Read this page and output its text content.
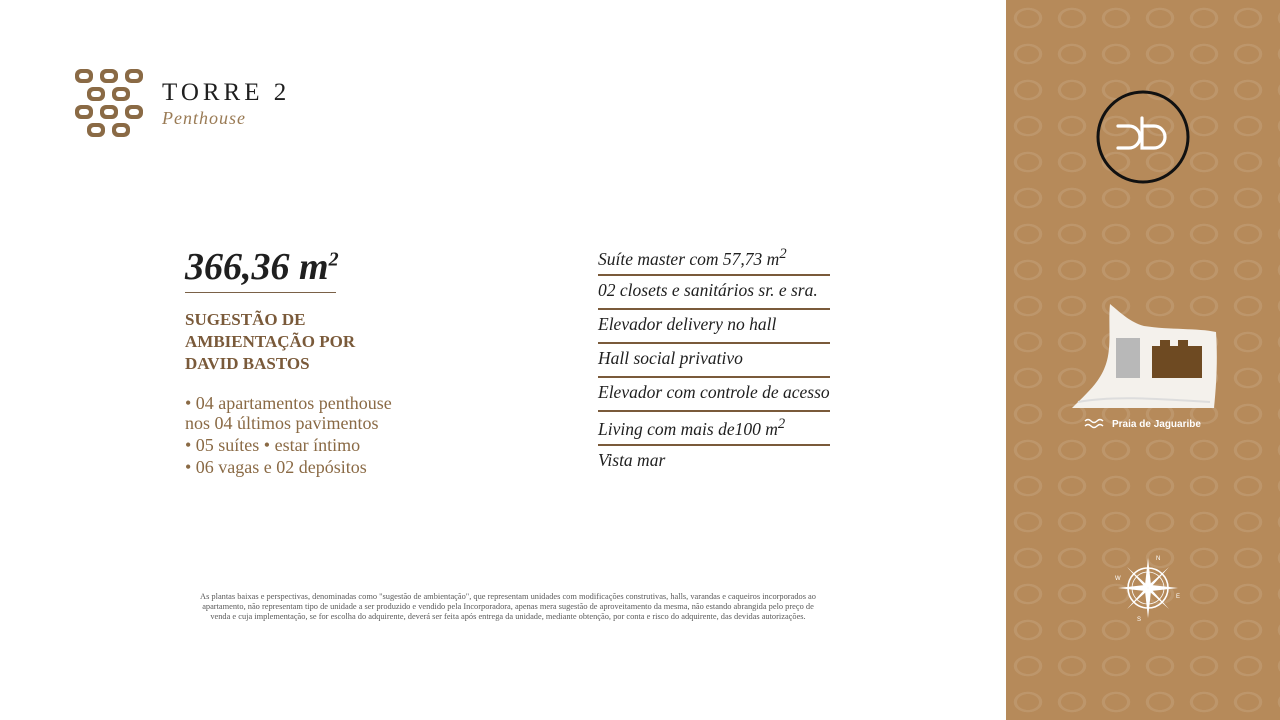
TORRE 2
Penthouse
366,36 $m^2$
SUGESTÃO DE
AMBIENTAÇÃO POR
DAVID BASTOS
• 04 apartamentos penthouse
nos 04 últimos pavimentos
• 05 suítes • estar íntimo
• 06 vagas e 02 depósitos
Suíte master com 57,73 $m^2$
02 closets e sanitários sr. e sra.
Elevador delivery no hall
Hall social privativo
Elevador com controle de acesso
Living com mais de100 $m^2$
Vista mar
As plantas baixas e perspectivas, denominadas como "sugestão de ambientação", que representam unidades com modificações construtivas, halls, varandas e caqueiros incorporados ao
apartamento, não representam tipo de unidade a ser produzido e vendido pela Incorporadora, apenas mera sugestão de aproveitamento da mesma, não estando abrangida pelo preço de
venda e cuja implementação, se for escolha do adquirente, deverá ser feita após entrega da unidade, mediante obtenção, por conta e risco do adquirente, das devidas autorizações.
Praia de Jaguaribe
N
E
S
W
